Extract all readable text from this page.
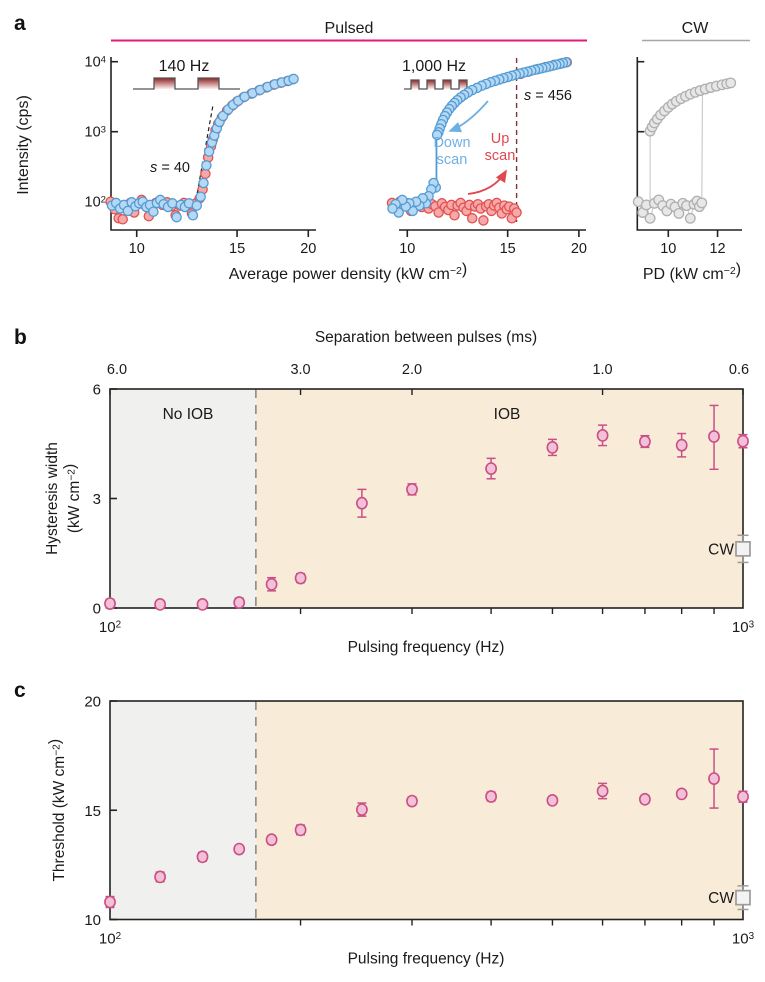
a
b
c
Pulsed	CW
$10^2$
$10^3$
$10^4$
10	15	20	10	15	20	10 12
Intensity (cps)
Average power density (kW $cm^{-2}$)	PD (kW $cm^{-2}$)
140 Hz	1,000 Hz
s = 40
s = 456
Down scan
Up scan
No IOB	IOB
0
3
6
$10^2$	$10^3$
Pulsing frequency (Hz)
Separation between pulses (ms)
6.0	3.0	2.0	1.0	0.6
Hysteresis width (kW $cm^{-2}$)
CW
10
15
20
$10^2$	$10^3$
Pulsing frequency (Hz)
Threshold (kW $cm^{-2}$)
CW
